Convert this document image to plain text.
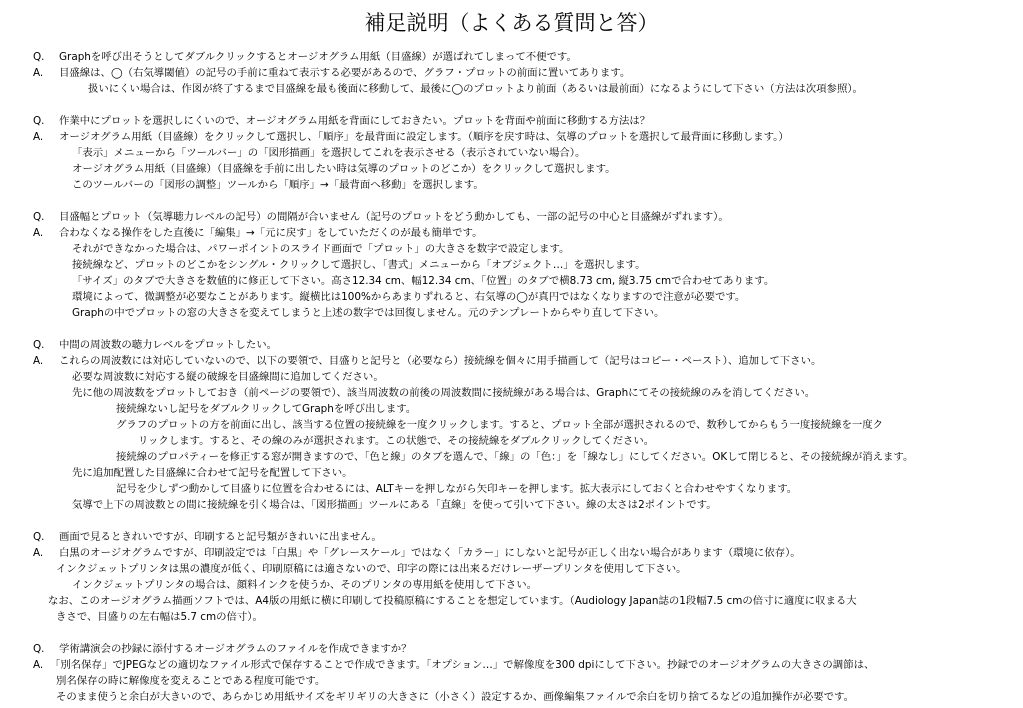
補足説明（よくある質問と答）
Q. Graphを呼び出そうとしてダブルクリックするとオージオグラム用紙（目盛線）が選ばれてしまって不便です。
A. 目盛線は、◯（右気導閾値）の記号の手前に重ねて表示する必要があるので、グラフ・プロットの前面に置いてあります。
扱いにくい場合は、作図が終了するまで目盛線を最も後面に移動して、最後に◯のプロットより前面（あるいは最前面）になるようにして下さい（方法は次項参照）。
Q. 作業中にプロットを選択しにくいので、オージオグラム用紙を背面にしておきたい。プロットを背面や前面に移動する方法は？
A. オージオグラム用紙（目盛線）をクリックして選択し、「順序」を最背面に設定します。（順序を戻す時は、気導のプロットを選択して最背面に移動します。）
「表示」メニューから「ツールバー」の「図形描画」を選択してこれを表示させる（表示されていない場合）。
オージオグラム用紙（目盛線）（目盛線を手前に出したい時は気導のプロットのどこか）をクリックして選択します。
このツールバーの「図形の調整」ツールから「順序」→「最背面へ移動」を選択します。
Q. 目盛幅とプロット（気導聴力レベルの記号）の間隔が合いません（記号のプロットをどう動かしても、一部の記号の中心と目盛線がずれます）。
A. 合わなくなる操作をした直後に「編集」→「元に戻す」をしていただくのが最も簡単です。
それができなかった場合は、パワーポイントのスライド画面で「プロット」の大きさを数字で設定します。
接続線など、プロットのどこかをシングル・クリックして選択し、「書式」メニューから「オブジェクト…」を選択します。
「サイズ」のタブで大きさを数値的に修正して下さい。高さ12.34 cm、幅12.34 cm、「位置」のタブで横8.73 cm, 縦3.75 cmで合わせてあります。
環境によって、微調整が必要なことがあります。縦横比は100%からあまりずれると、右気導の◯が真円ではなくなりますので注意が必要です。
Graphの中でプロットの窓の大きさを変えてしまうと上述の数字では回復しません。元のテンプレートからやり直して下さい。
Q. 中間の周波数の聴力レベルをプロットしたい。
A. これらの周波数には対応していないので、以下の要領で、目盛りと記号と（必要なら）接続線を個々に用手描画して（記号はコピー・ペースト）、追加して下さい。
必要な周波数に対応する縦の破線を目盛線間に追加してください。
先に他の周波数をプロットしておき（前ページの要領で）、該当周波数の前後の周波数間に接続線がある場合は、Graphにてその接続線のみを消してください。
接続線ないし記号をダブルクリックしてGraphを呼び出します。
グラフのプロットの方を前面に出し、該当する位置の接続線を一度クリックします。すると、プロット全部が選択されるので、数秒してからもう一度接続線を一度ク
リックします。すると、その線のみが選択されます。この状態で、その接続線をダブルクリックしてください。
接続線のプロパティーを修正する窓が開きますので、「色と線」のタブを選んで、「線」の「色：」を「線なし」にしてください。OKして閉じると、その接続線が消えます。
先に追加配置した目盛線に合わせて記号を配置して下さい。
記号を少しずつ動かして目盛りに位置を合わせるには、ALTキーを押しながら矢印キーを押します。拡大表示にしておくと合わせやすくなります。
気導で上下の周波数との間に接続線を引く場合は、「図形描画」ツールにある「直線」を使って引いて下さい。線の太さは2ポイントです。
Q. 画面で見るときれいですが、印刷すると記号類がきれいに出ません。
A. 白黒のオージオグラムですが、印刷設定では「白黒」や「グレースケール」ではなく「カラー」にしないと記号が正しく出ない場合があります（環境に依存）。
インクジェットプリンタは黒の濃度が低く、印刷原稿には適さないので、印字の際には出来るだけレーザープリンタを使用して下さい。
インクジェットプリンタの場合は、顔料インクを使うか、そのプリンタの専用紙を使用して下さい。
なお、このオージオグラム描画ソフトでは、A4版の用紙に横に印刷して投稿原稿にすることを想定しています。（Audiology Japan誌の1段幅7.5 cmの倍寸に適度に収まる大
きさで、目盛りの左右幅は5.7 cmの倍寸）。
Q. 学術講演会の抄録に添付するオージオグラムのファイルを作成できますか？
A. 「別名保存」でJPEGなどの適切なファイル形式で保存することで作成できます。「オプション…」で解像度を300 dpiにして下さい。抄録でのオージオグラムの大きさの調節は、
別名保存の時に解像度を変えることである程度可能です。
そのまま使うと余白が大きいので、あらかじめ用紙サイズをギリギリの大きさに（小さく）設定するか、画像編集ファイルで余白を切り捨てるなどの追加操作が必要です。
